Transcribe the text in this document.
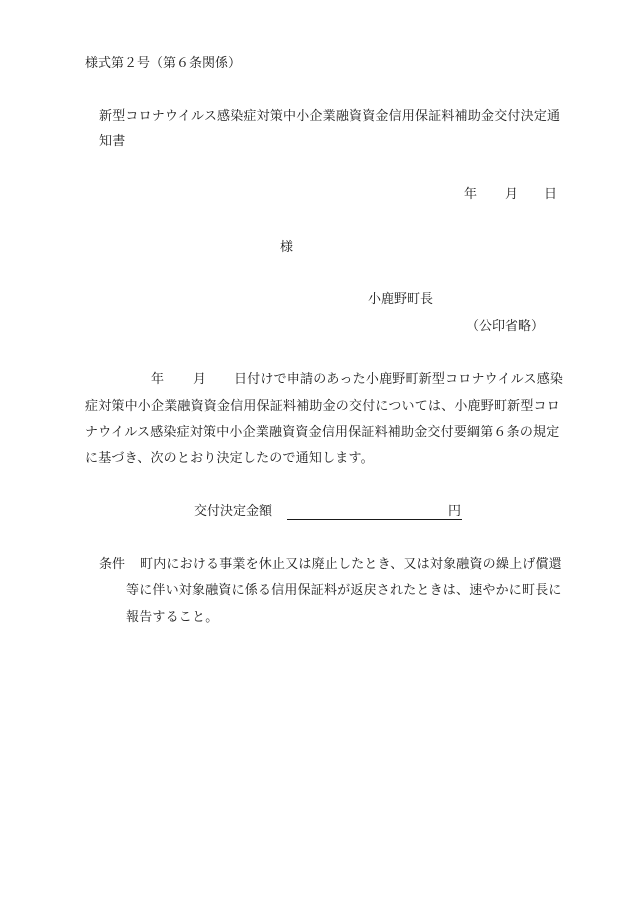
様式第２号（第６条関係）
新型コロナウイルス感染症対策中小企業融資資金信用保証料補助金交付決定通
知書
年 月 日
様
小鹿野町長
（公印省略）
年 月 日付けで申請のあった小鹿野町新型コロナウイルス感染
症対策中小企業融資資金信用保証料補助金の交付については、小鹿野町新型コロ
ナウイルス感染症対策中小企業融資資金信用保証料補助金交付要綱第６条の規定
に基づき、次のとおり決定したので通知します。
交付決定金額	円
条件 町内における事業を休止又は廃止したとき、又は対象融資の繰上げ償還
等に伴い対象融資に係る信用保証料が返戻されたときは、速やかに町長に
報告すること。
